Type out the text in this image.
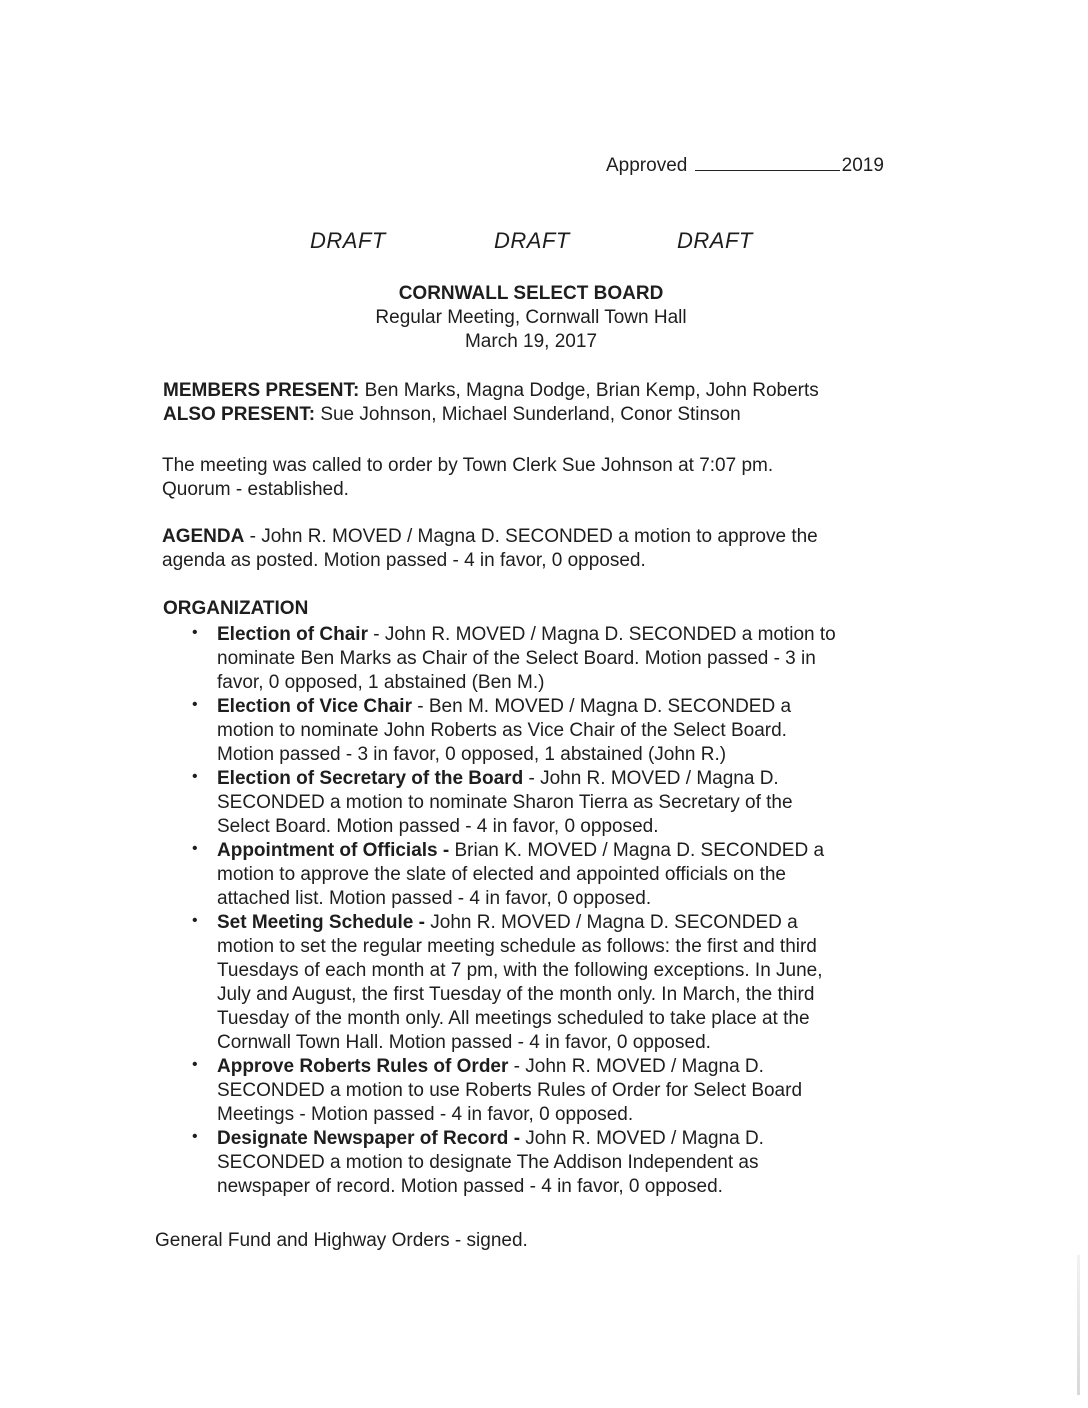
Approved	2019
DRAFT	DRAFT	DRAFT
CORNWALL SELECT BOARD
Regular Meeting, Cornwall Town Hall
March 19, 2017
MEMBERS PRESENT: Ben Marks, Magna Dodge, Brian Kemp, John Roberts
ALSO PRESENT: Sue Johnson, Michael Sunderland, Conor Stinson
The meeting was called to order by Town Clerk Sue Johnson at 7:07 pm.
Quorum - established.
AGENDA - John R. MOVED / Magna D. SECONDED a motion to approve the
agenda as posted. Motion passed - 4 in favor, 0 opposed.
ORGANIZATION
• Election of Chair - John R. MOVED / Magna D. SECONDED a motion to
nominate Ben Marks as Chair of the Select Board. Motion passed - 3 in
favor, 0 opposed, 1 abstained (Ben M.)
• Election of Vice Chair - Ben M. MOVED / Magna D. SECONDED a
motion to nominate John Roberts as Vice Chair of the Select Board.
Motion passed - 3 in favor, 0 opposed, 1 abstained (John R.)
• Election of Secretary of the Board - John R. MOVED / Magna D.
SECONDED a motion to nominate Sharon Tierra as Secretary of the
Select Board. Motion passed - 4 in favor, 0 opposed.
• Appointment of Officials - Brian K. MOVED / Magna D. SECONDED a
motion to approve the slate of elected and appointed officials on the
attached list. Motion passed - 4 in favor, 0 opposed.
• Set Meeting Schedule - John R. MOVED / Magna D. SECONDED a
motion to set the regular meeting schedule as follows: the first and third
Tuesdays of each month at 7 pm, with the following exceptions. In June,
July and August, the first Tuesday of the month only. In March, the third
Tuesday of the month only. All meetings scheduled to take place at the
Cornwall Town Hall. Motion passed - 4 in favor, 0 opposed.
• Approve Roberts Rules of Order - John R. MOVED / Magna D.
SECONDED a motion to use Roberts Rules of Order for Select Board
Meetings - Motion passed - 4 in favor, 0 opposed.
• Designate Newspaper of Record - John R. MOVED / Magna D.
SECONDED a motion to designate The Addison Independent as
newspaper of record. Motion passed - 4 in favor, 0 opposed.
General Fund and Highway Orders - signed.
